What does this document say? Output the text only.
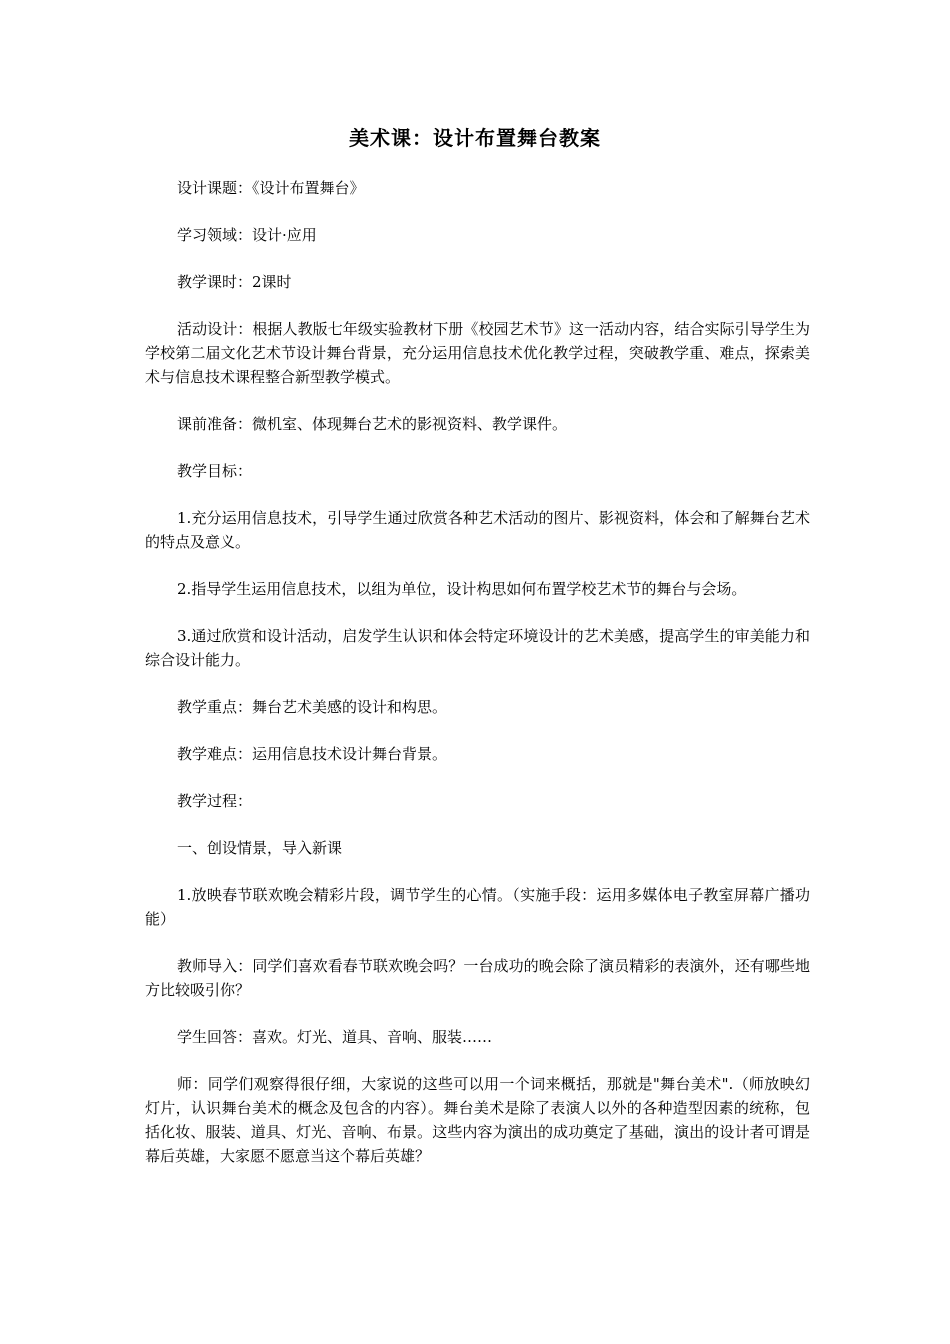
美术课：设计布置舞台教案

设计课题：《设计布置舞台》

学习领域：设计·应用

教学课时：2课时

活动设计：根据人教版七年级实验教材下册《校园艺术节》这一活动内容，结合实际引导学生为学校第二届文化艺术节设计舞台背景，充分运用信息技术优化教学过程，突破教学重、难点，探索美术与信息技术课程整合新型教学模式。

课前准备：微机室、体现舞台艺术的影视资料、教学课件。

教学目标：

1.充分运用信息技术，引导学生通过欣赏各种艺术活动的图片、影视资料，体会和了解舞台艺术的特点及意义。

2.指导学生运用信息技术，以组为单位，设计构思如何布置学校艺术节的舞台与会场。

3.通过欣赏和设计活动，启发学生认识和体会特定环境设计的艺术美感，提高学生的审美能力和综合设计能力。

教学重点：舞台艺术美感的设计和构思。

教学难点：运用信息技术设计舞台背景。

教学过程：

一、创设情景，导入新课

1.放映春节联欢晚会精彩片段，调节学生的心情。（实施手段：运用多媒体电子教室屏幕广播功能）

教师导入：同学们喜欢看春节联欢晚会吗？一台成功的晚会除了演员精彩的表演外，还有哪些地方比较吸引你？

学生回答：喜欢。灯光、道具、音响、服装……

师：同学们观察得很仔细，大家说的这些可以用一个词来概括，那就是"舞台美术".（师放映幻灯片，认识舞台美术的概念及包含的内容）。舞台美术是除了表演人以外的各种造型因素的统称，包括化妆、服装、道具、灯光、音响、布景。这些内容为演出的成功奠定了基础，演出的设计者可谓是幕后英雄，大家愿不愿意当这个幕后英雄？
